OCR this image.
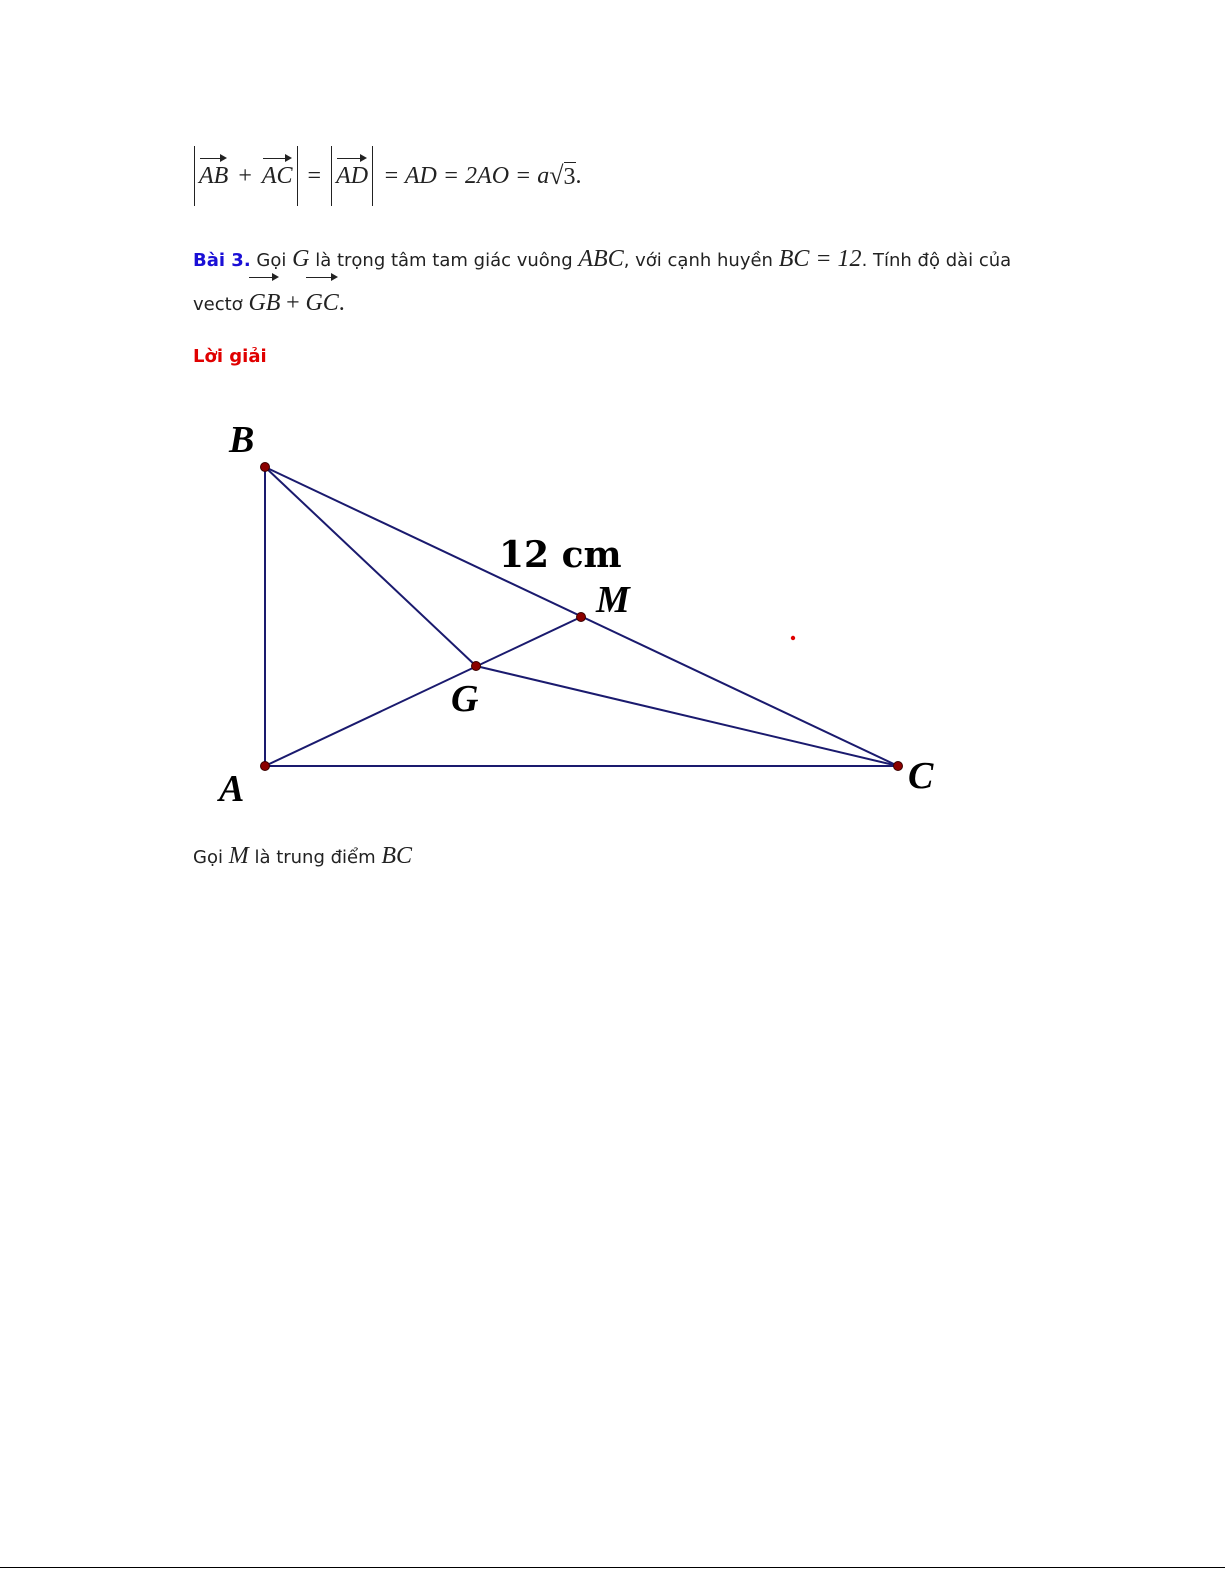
AB + AC = AD = AD = 2AO = a √ 3 .
Bài 3. Gọi G là trọng tâm tam giác vuông ABC, với cạnh huyền BC = 12. Tính độ dài của
vectơ GB + GC.
Lời giải
B
A	C
G
M
12 cm
Gọi M là trung điểm BC
